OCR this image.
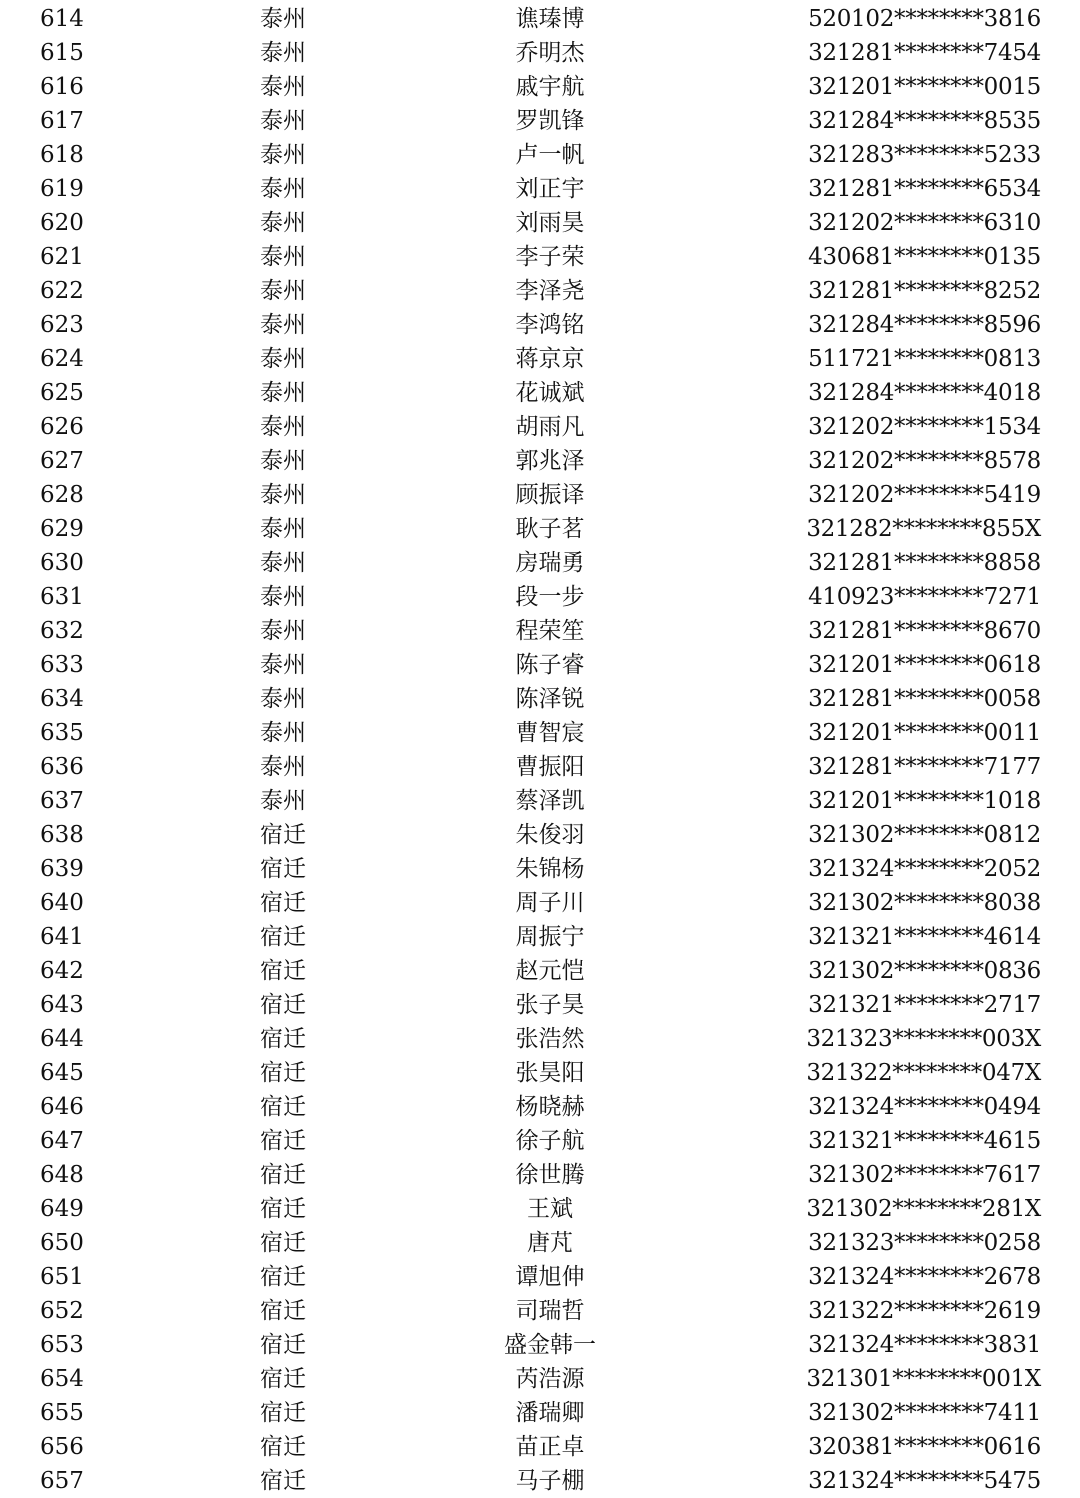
614	泰州	谯瑧博	520102********3816
615	泰州	乔明杰	321281********7454
616	泰州	戚宇航	321201********0015
617	泰州	罗凯锋	321284********8535
618	泰州	卢一帆	321283********5233
619	泰州	刘正宇	321281********6534
620	泰州	刘雨昊	321202********6310
621	泰州	李子荣	430681********0135
622	泰州	李泽尧	321281********8252
623	泰州	李鸿铭	321284********8596
624	泰州	蒋京京	511721********0813
625	泰州	花诚斌	321284********4018
626	泰州	胡雨凡	321202********1534
627	泰州	郭兆泽	321202********8578
628	泰州	顾振译	321202********5419
629	泰州	耿子茗	321282********855X
630	泰州	房瑞勇	321281********8858
631	泰州	段一步	410923********7271
632	泰州	程荣笙	321281********8670
633	泰州	陈子睿	321201********0618
634	泰州	陈泽锐	321281********0058
635	泰州	曹智宸	321201********0011
636	泰州	曹振阳	321281********7177
637	泰州	蔡泽凯	321201********1018
638	宿迁	朱俊羽	321302********0812
639	宿迁	朱锦杨	321324********2052
640	宿迁	周子川	321302********8038
641	宿迁	周振宁	321321********4614
642	宿迁	赵元恺	321302********0836
643	宿迁	张子昊	321321********2717
644	宿迁	张浩然	321323********003X
645	宿迁	张昊阳	321322********047X
646	宿迁	杨晓赫	321324********0494
647	宿迁	徐子航	321321********4615
648	宿迁	徐世腾	321302********7617
649	宿迁	王斌	321302********281X
650	宿迁	唐芃	321323********0258
651	宿迁	谭旭伸	321324********2678
652	宿迁	司瑞哲	321322********2619
653	宿迁	盛金韩一	321324********3831
654	宿迁	芮浩源	321301********001X
655	宿迁	潘瑞卿	321302********7411
656	宿迁	苗正卓	320381********0616
657	宿迁	马子棚	321324********5475
